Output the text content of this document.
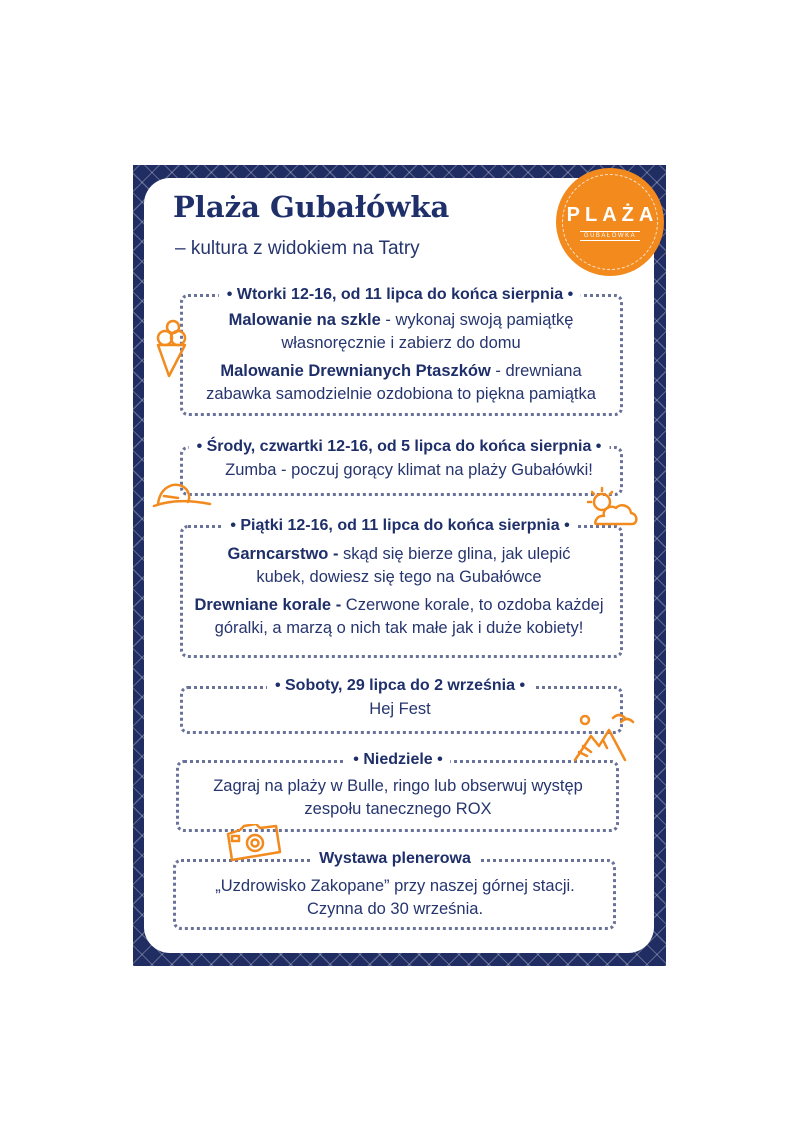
Plaża Gubałówka
– kultura z widokiem na Tatry
PLAŻA
GUBAŁÓWKA
• Wtorki 12-16, od 11 lipca do końca sierpnia •
Malowanie na szkle - wykonaj swoją pamiątkę
własnoręcznie i zabierz do domu
Malowanie Drewnianych Ptaszków - drewniana
zabawka samodzielnie ozdobiona to piękna pamiątka
• Środy, czwartki 12-16, od 5 lipca do końca sierpnia •
Zumba - poczuj gorący klimat na plaży Gubałówki!
• Piątki 12-16, od 11 lipca do końca sierpnia •
Garncarstwo - skąd się bierze glina, jak ulepić
kubek, dowiesz się tego na Gubałówce
Drewniane korale - Czerwone korale, to ozdoba każdej
góralki, a marzą o nich tak małe jak i duże kobiety!
• Soboty, 29 lipca do 2 września •
Hej Fest
• Niedziele •
Zagraj na plaży w Bulle, ringo lub obserwuj występ
zespołu tanecznego ROX
Wystawa plenerowa
„Uzdrowisko Zakopane” przy naszej górnej stacji.
Czynna do 30 września.
